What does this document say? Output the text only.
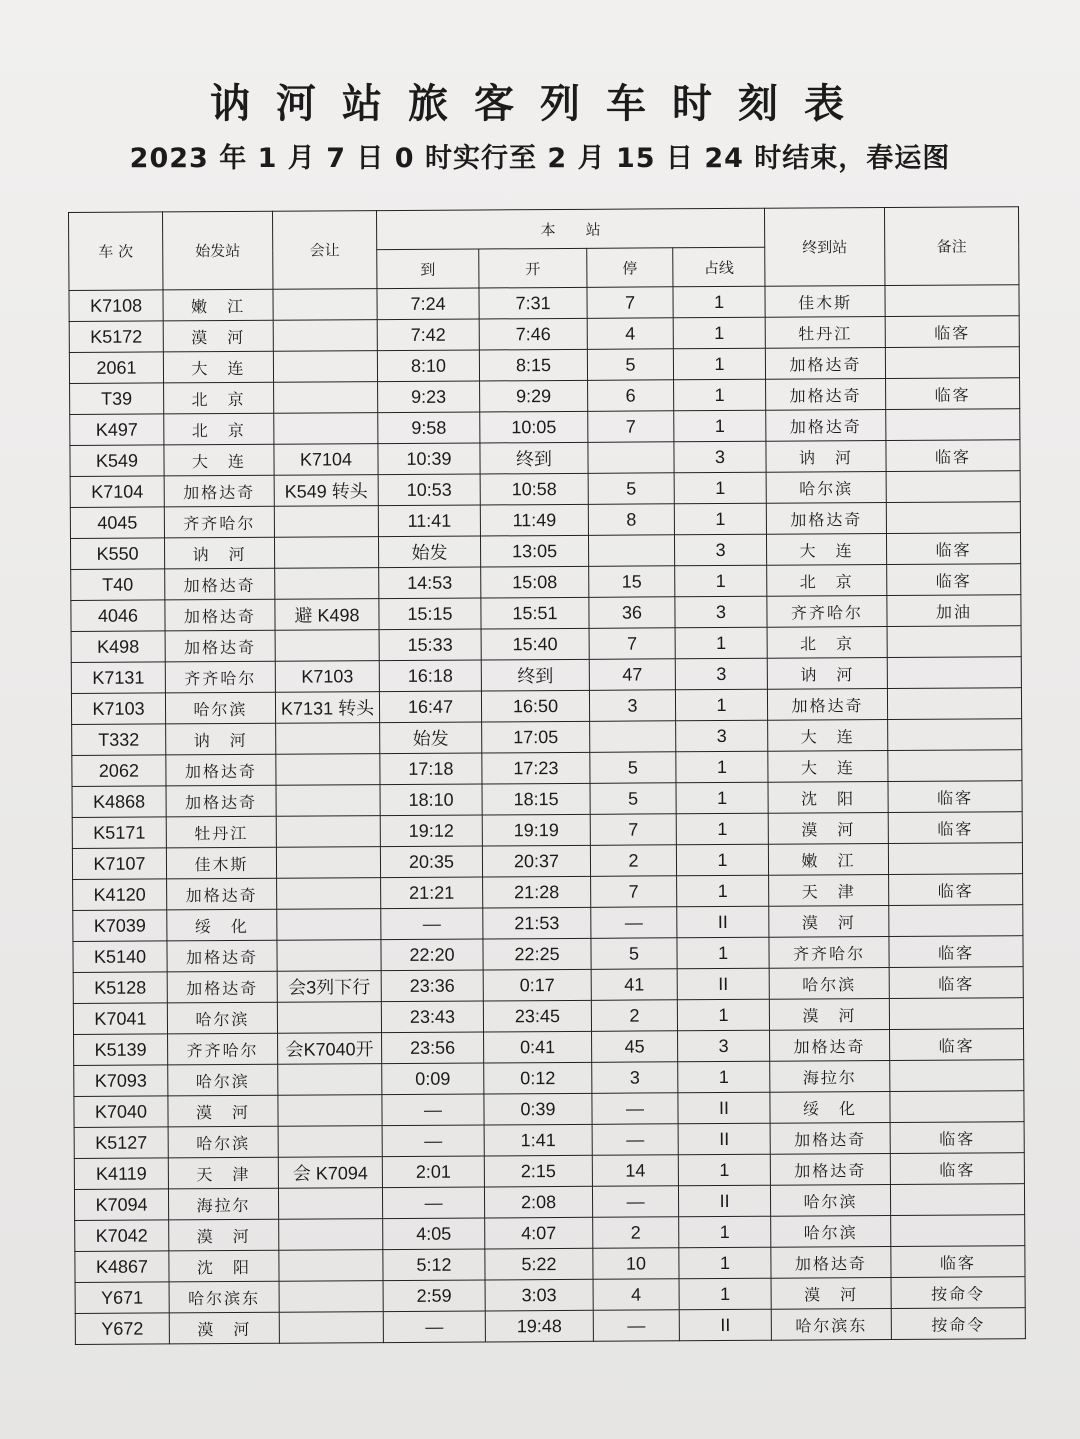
讷河站旅客列车时刻表
2023 年 1 月 7 日 0 时实行至 2 月 15 日 24 时结束，春运图
车 次	始发站	会让	本　　站				终到站	备注
			到	开	停	占线		
K7108	嫩　江		7:24	7:31	7	1	佳木斯	
K5172	漠　河		7:42	7:46	4	1	牡丹江	临客
2061	大　连		8:10	8:15	5	1	加格达奇	
T39	北　京		9:23	9:29	6	1	加格达奇	临客
K497	北　京		9:58	10:05	7	1	加格达奇	
K549	大　连	K7104	10:39	终到		3	讷　河	临客
K7104	加格达奇	K549 转头	10:53	10:58	5	1	哈尔滨	
4045	齐齐哈尔		11:41	11:49	8	1	加格达奇	
K550	讷　河		始发	13:05		3	大　连	临客
T40	加格达奇		14:53	15:08	15	1	北　京	临客
4046	加格达奇	避 K498	15:15	15:51	36	3	齐齐哈尔	加油
K498	加格达奇		15:33	15:40	7	1	北　京	
K7131	齐齐哈尔	K7103	16:18	终到	47	3	讷　河	
K7103	哈尔滨	K7131 转头	16:47	16:50	3	1	加格达奇	
T332	讷　河		始发	17:05		3	大　连	
2062	加格达奇		17:18	17:23	5	1	大　连	
K4868	加格达奇		18:10	18:15	5	1	沈　阳	临客
K5171	牡丹江		19:12	19:19	7	1	漠　河	临客
K7107	佳木斯		20:35	20:37	2	1	嫩　江	
K4120	加格达奇		21:21	21:28	7	1	天　津	临客
K7039	绥　化		—	21:53	—	II	漠　河	
K5140	加格达奇		22:20	22:25	5	1	齐齐哈尔	临客
K5128	加格达奇	会3列下行	23:36	0:17	41	II	哈尔滨	临客
K7041	哈尔滨		23:43	23:45	2	1	漠　河	
K5139	齐齐哈尔	会K7040开	23:56	0:41	45	3	加格达奇	临客
K7093	哈尔滨		0:09	0:12	3	1	海拉尔	
K7040	漠　河		—	0:39	—	II	绥　化	
K5127	哈尔滨		—	1:41	—	II	加格达奇	临客
K4119	天　津	会 K7094	2:01	2:15	14	1	加格达奇	临客
K7094	海拉尔		—	2:08	—	II	哈尔滨	
K7042	漠　河		4:05	4:07	2	1	哈尔滨	
K4867	沈　阳		5:12	5:22	10	1	加格达奇	临客
Y671	哈尔滨东		2:59	3:03	4	1	漠　河	按命令
Y672	漠　河		—	19:48	—	II	哈尔滨东	按命令
